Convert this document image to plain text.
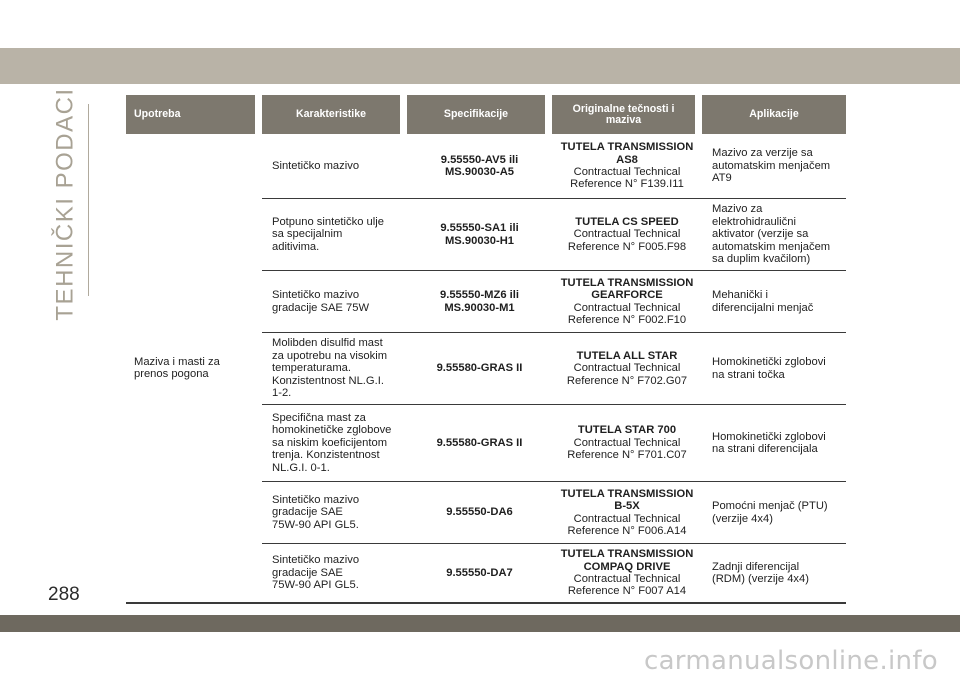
TEHNIČKI PODACI
288
carmanualsonline.info
Upotreba	Karakteristike	Specifikacije	Originalne tečnosti i maziva	Aplikacije
Maziva i masti za
prenos pogona	Sintetičko mazivo	9.55550-AV5 ili
MS.90030-A5	TUTELA TRANSMISSION
AS8
Contractual Technical
Reference N° F139.I11	Mazivo za verzije sa
automatskim menjačem
AT9
	Potpuno sintetičko ulje
sa specijalnim
aditivima.	9.55550-SA1 ili
MS.90030-H1	TUTELA CS SPEED
Contractual Technical
Reference N° F005.F98	Mazivo za
elektrohidraulični
aktivator (verzije sa
automatskim menjačem
sa duplim kvačilom)
	Sintetičko mazivo
gradacije SAE 75W	9.55550-MZ6 ili
MS.90030-M1	TUTELA TRANSMISSION
GEARFORCE
Contractual Technical
Reference N° F002.F10	Mehanički i
diferencijalni menjač
	Molibden disulfid mast
za upotrebu na visokim
temperaturama.
Konzistentnost NL.G.I.
1-2.	9.55580-GRAS II	TUTELA ALL STAR
Contractual Technical
Reference N° F702.G07	Homokinetički zglobovi
na strani točka
	Specifična mast za
homokinetičke zglobove
sa niskim koeficijentom
trenja. Konzistentnost
NL.G.I. 0-1.	9.55580-GRAS II	TUTELA STAR 700
Contractual Technical
Reference N° F701.C07	Homokinetički zglobovi
na strani diferencijala
	Sintetičko mazivo
gradacije SAE
75W-90 API GL5.	9.55550-DA6	TUTELA TRANSMISSION
B-5X
Contractual Technical
Reference N° F006.A14	Pomoćni menjač (PTU)
(verzije 4x4)
	Sintetičko mazivo
gradacije SAE
75W-90 API GL5.	9.55550-DA7	TUTELA TRANSMISSION
COMPAQ DRIVE
Contractual Technical
Reference N° F007 A14	Zadnji diferencijal
(RDM) (verzije 4x4)
